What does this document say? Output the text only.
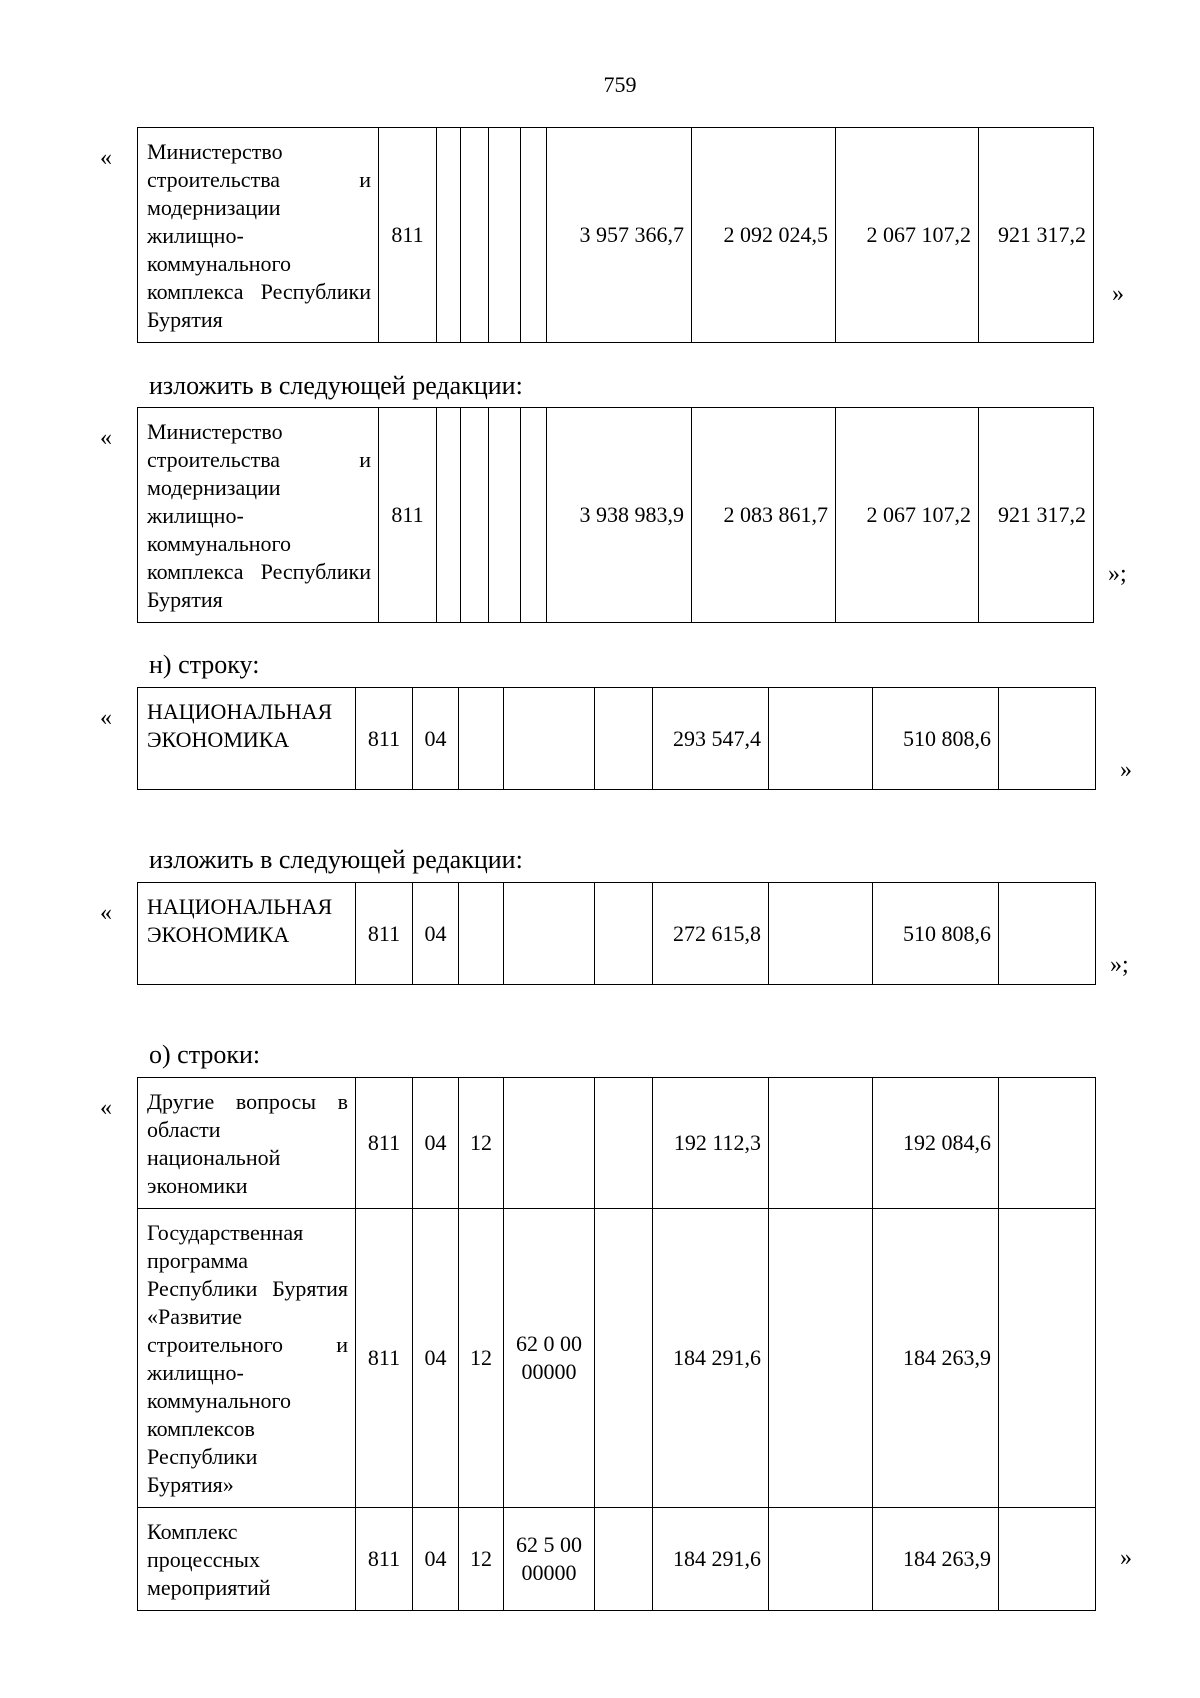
759
« Министерство строительства и модернизации жилищно-коммунального комплекса Республики Бурятия	811					3 957 366,7	2 092 024,5	2 067 107,2	921 317,2
»
изложить в следующей редакции:
« Министерство строительства и модернизации жилищно-коммунального комплекса Республики Бурятия	811					3 938 983,9	2 083 861,7	2 067 107,2	921 317,2
»;
н) строку:
« НАЦИОНАЛЬНАЯ ЭКОНОМИКА	811	04				293 547,4		510 808,6	
»
изложить в следующей редакции:
« НАЦИОНАЛЬНАЯ ЭКОНОМИКА	811	04				272 615,8		510 808,6	
»;
о) строки:
« Другие вопросы в области национальной экономики	811	04	12			192 112,3		192 084,6	
Государственная программа Республики Бурятия «Развитие строительного и жилищно-коммунального комплексов Республики Бурятия»	811	04	12	62 0 00 00000		184 291,6		184 263,9	
Комплекс процессных мероприятий	811	04	12	62 5 00 00000		184 291,6		184 263,9		»
